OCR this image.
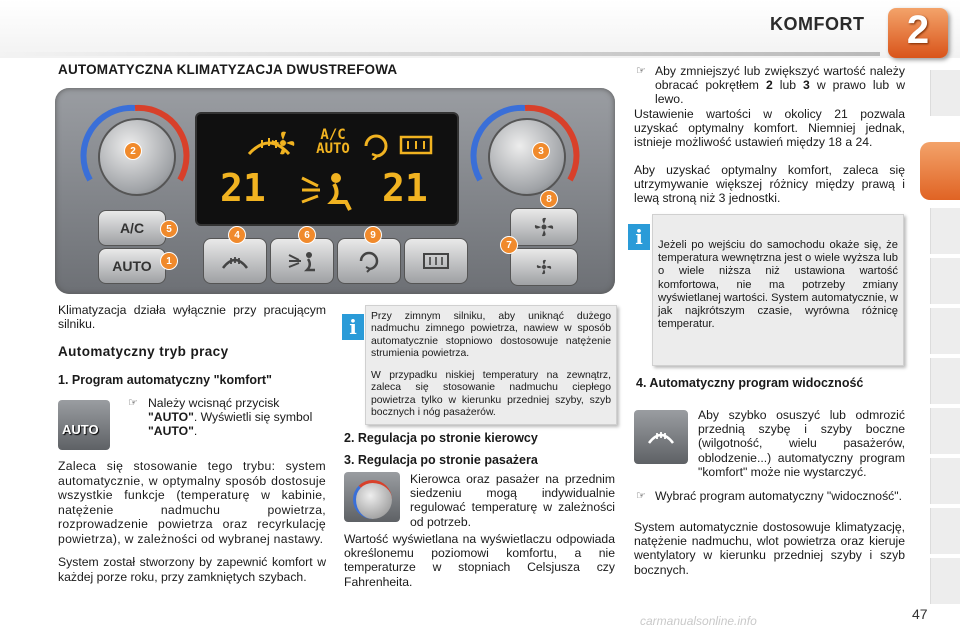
KOMFORT 2
AUTOMATYCZNA KLIMATYZACJA DWUSTREFOWA
A/C
AUTO
21	21
A/C
AUTO	1
2	3
4
5
6
7
8
9
Klimatyzacja działa wyłącznie przy pracującym silniku.
Automatyczny tryb pracy
1. Program automatyczny "komfort"
AUTO
☞ Należy wcisnąć przycisk "AUTO". Wyświetli się symbol "AUTO".
Zaleca się stosowanie tego trybu: system automatycznie, w optymalny sposób dostosuje wszystkie funkcje (temperaturę w kabinie, natężenie nadmuchu powietrza, rozprowadzenie powietrza oraz recyrkulację powietrza), w zależności od wybranej nastawy.
System został stworzony by zapewnić komfort w każdej porze roku, przy zamkniętych szybach.
Przy zimnym silniku, aby uniknąć dużego nadmuchu zimnego powietrza, nawiew w sposób automatycznie stopniowo dostosowuje natężenie strumienia powietrza.
W przypadku niskiej temperatury na zewnątrz, zaleca się stosowanie nadmuchu ciepłego powietrza tylko w kierunku przedniej szyby, szyb bocznych i nóg pasażerów.
i
2. Regulacja po stronie kierowcy
3. Regulacja po stronie pasażera
Kierowca oraz pasażer na przednim siedzeniu mogą indywidualnie regulować temperaturę w zależności od potrzeb.
Wartość wyświetlana na wyświetlaczu odpowiada określonemu poziomowi komfortu, a nie temperaturze w stopniach Celsjusza czy Fahrenheita.
☞ Aby zmniejszyć lub zwiększyć wartość należy obracać pokrętłem 2 lub 3 w prawo lub w lewo.
Ustawienie wartości w okolicy 21 pozwala uzyskać optymalny komfort. Niemniej jednak, istnieje możliwość ustawień między 18 a 24.
Aby uzyskać optymalny komfort, zaleca się utrzymywanie większej różnicy między prawą i lewą stroną niż 3 jednostki.
Jeżeli po wejściu do samochodu okaże się, że temperatura wewnętrzna jest o wiele wyższa lub o wiele niższa niż ustawiona wartość komfortowa, nie ma potrzeby zmiany wyświetlanej wartości. System automatycznie, w jak najkrótszym czasie, wyrówna różnicę temperatur.
i
4. Automatyczny program widoczność
Aby szybko osuszyć lub odmrozić przednią szybę i szyby boczne (wilgotność, wielu pasażerów, oblodzenie...) automatyczny program "komfort" może nie wystarczyć.
☞ Wybrać program automatyczny "widoczność".
System automatycznie dostosowuje klimatyzację, natężenie nadmuchu, wlot powietrza oraz kieruje wentylatory w kierunku przedniej szyby i szyb bocznych.
47
carmanualsonline.info
